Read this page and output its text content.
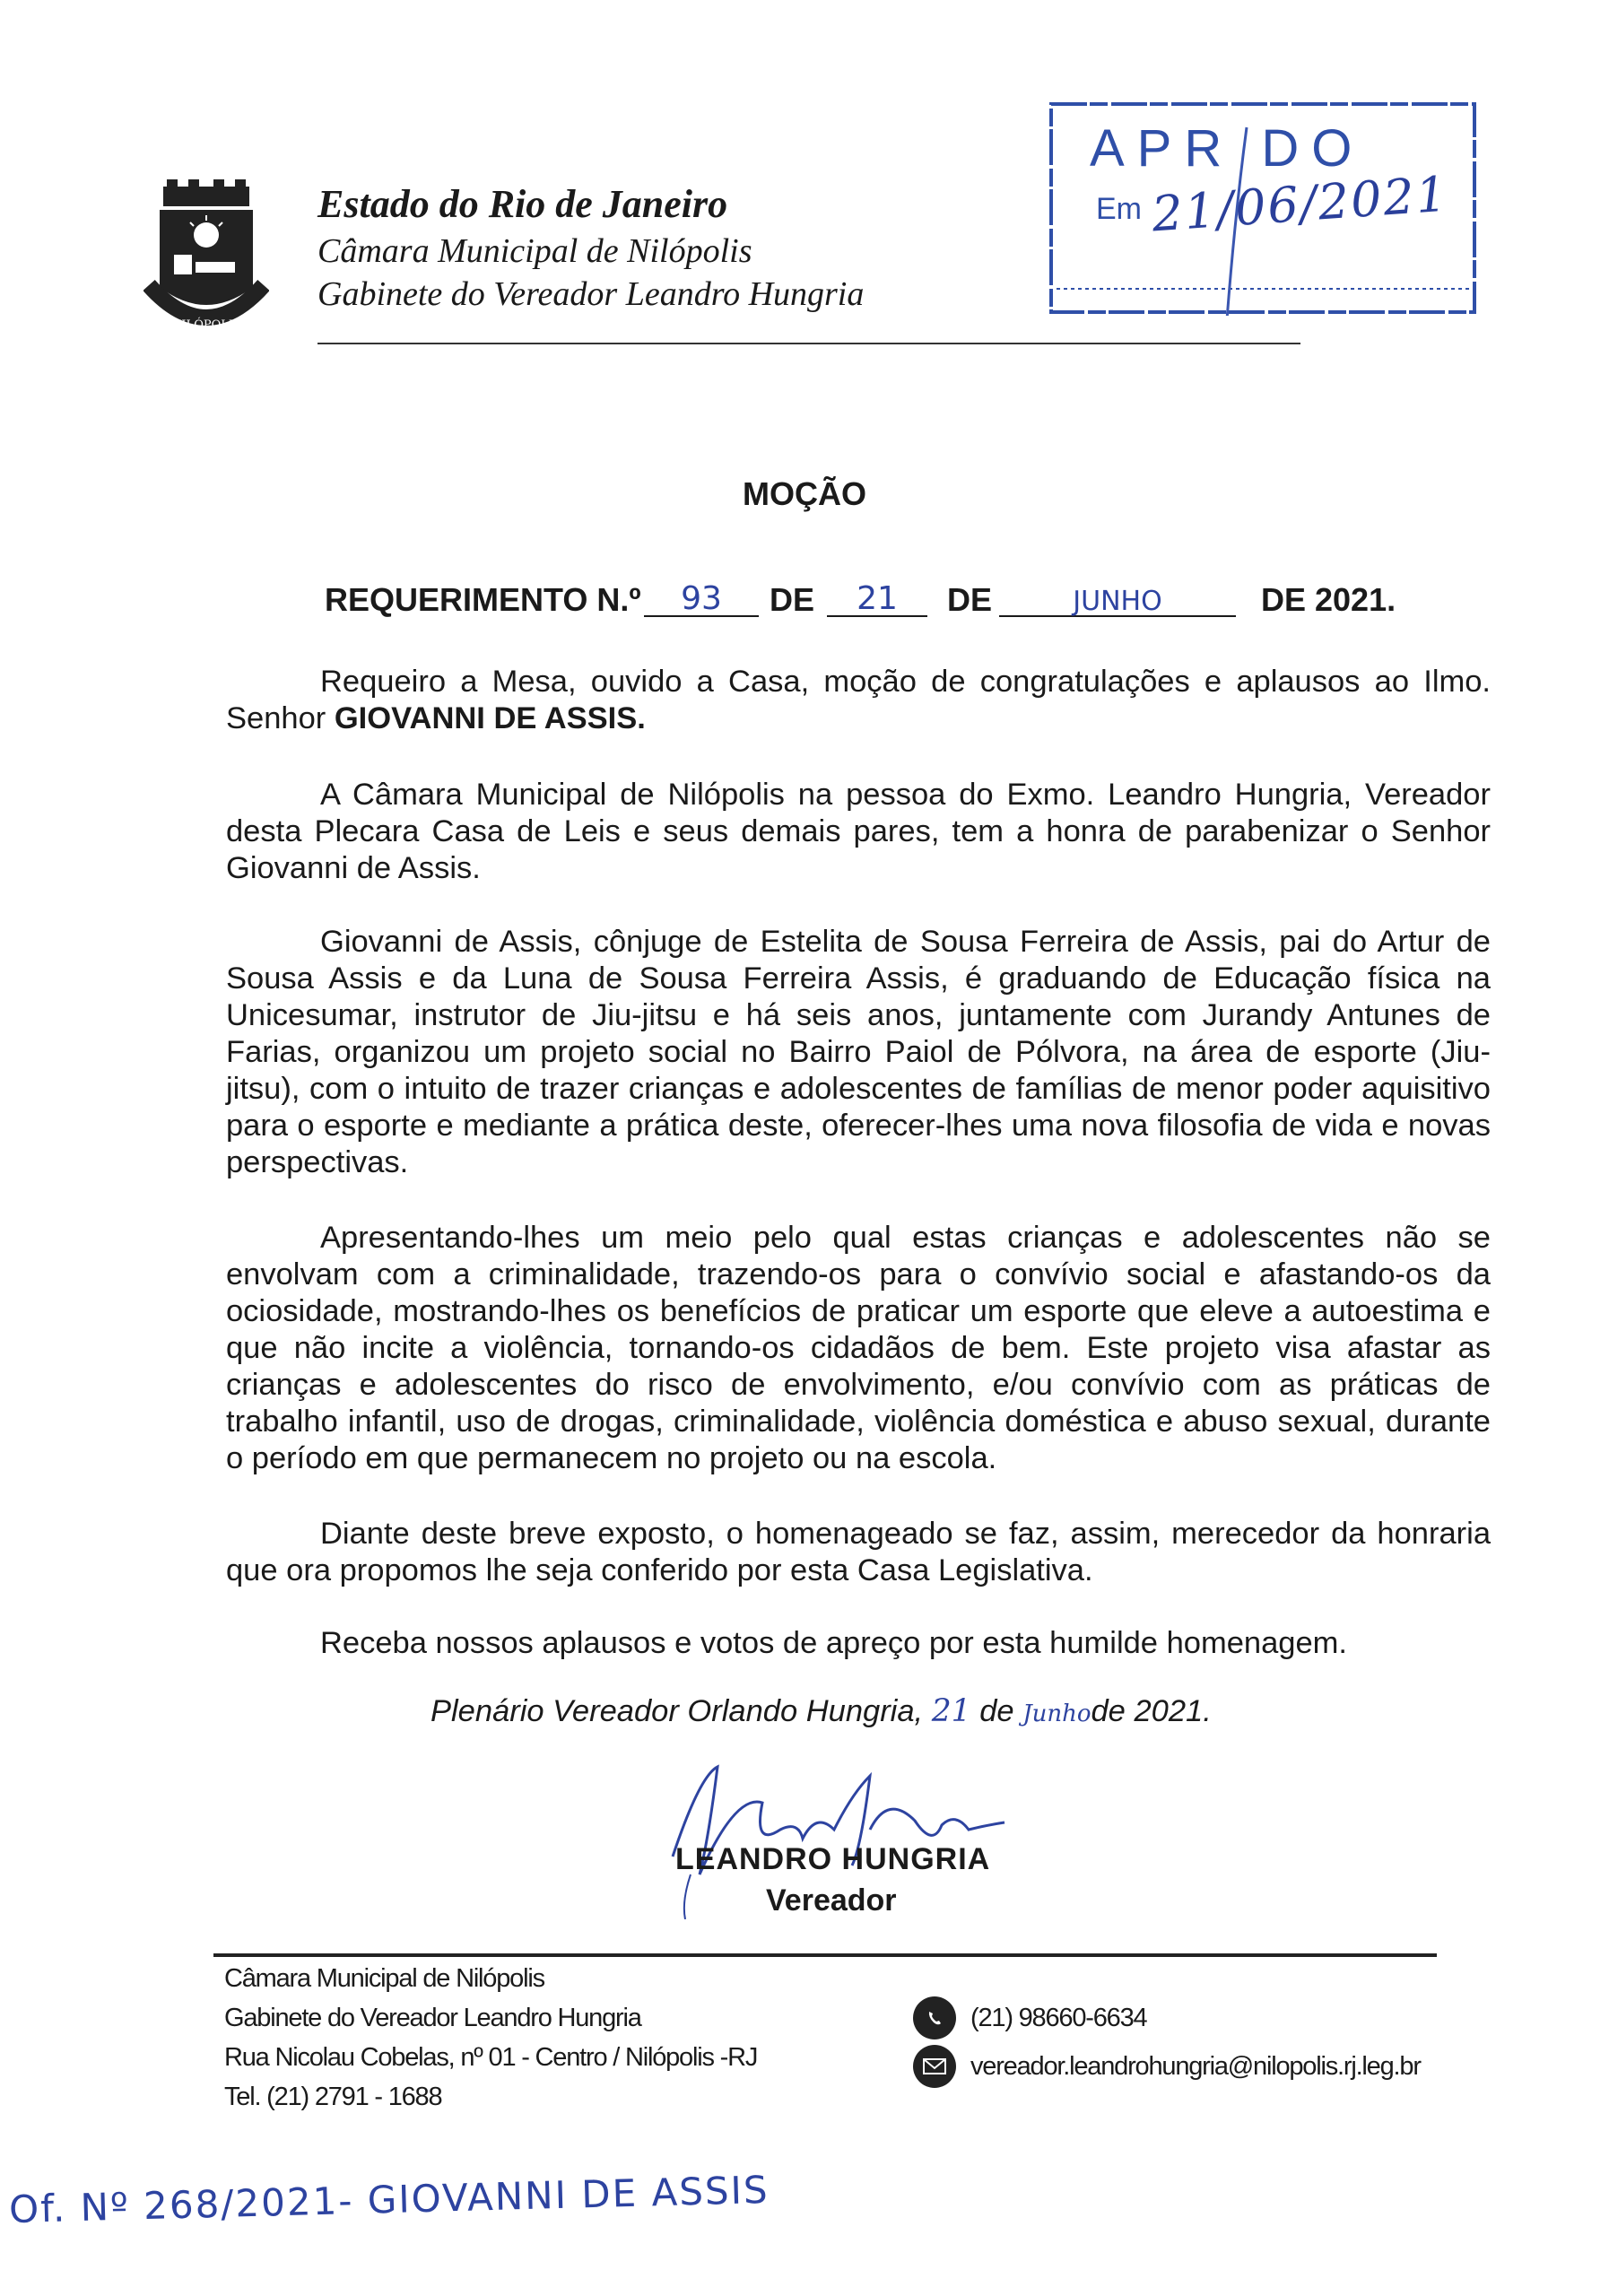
NILÓPOLIS
Estado do Rio de Janeiro
Câmara Municipal de Nilópolis
Gabinete do Vereador Leandro Hungria
APR DO
Em 21/06/2021
MOÇÃO
REQUERIMENTO N.º	93	DE	21	DE	JUNHO	DE 2021.

Requeiro a Mesa, ouvido a Casa, moção de congratulações e aplausos ao Ilmo. Senhor GIOVANNI DE ASSIS.

A Câmara Municipal de Nilópolis na pessoa do Exmo. Leandro Hungria, Vereador desta Plecara Casa de Leis e seus demais pares, tem a honra de parabenizar o Senhor Giovanni de Assis.

Giovanni de Assis, cônjuge de Estelita de Sousa Ferreira de Assis, pai do Artur de Sousa Assis e da Luna de Sousa Ferreira Assis, é graduando de Educação física na Unicesumar, instrutor de Jiu-jitsu e há seis anos, juntamente com Jurandy Antunes de Farias, organizou um projeto social no Bairro Paiol de Pólvora, na área de esporte (Jiu-jitsu), com o intuito de trazer crianças e adolescentes de famílias de menor poder aquisitivo para o esporte e mediante a prática deste, oferecer-lhes uma nova filosofia de vida e novas perspectivas.

Apresentando-lhes um meio pelo qual estas crianças e adolescentes não se envolvam com a criminalidade, trazendo-os para o convívio social e afastando-os da ociosidade, mostrando-lhes os benefícios de praticar um esporte que eleve a autoestima e que não incite a violência, tornando-os cidadãos de bem. Este projeto visa afastar as crianças e adolescentes do risco de envolvimento, e/ou convívio com as práticas de trabalho infantil, uso de drogas, criminalidade, violência doméstica e abuso sexual, durante o período em que permanecem no projeto ou na escola.

Diante deste breve exposto, o homenageado se faz, assim, merecedor da honraria que ora propomos lhe seja conferido por esta Casa Legislativa.

Receba nossos aplausos e votos de apreço por esta humilde homenagem.

Plenário Vereador Orlando Hungria, 21 de Junhode 2021.
LEANDRO HUNGRIA
Vereador
Câmara Municipal de Nilópolis
Gabinete do Vereador Leandro Hungria
Rua Nicolau Cobelas, nº 01 - Centro / Nilópolis -RJ
Tel. (21) 2791 - 1688
(21) 98660-6634
vereador.leandrohungria@nilopolis.rj.leg.br
Of. Nº 268/2021- GIOVANNI DE ASSIS
